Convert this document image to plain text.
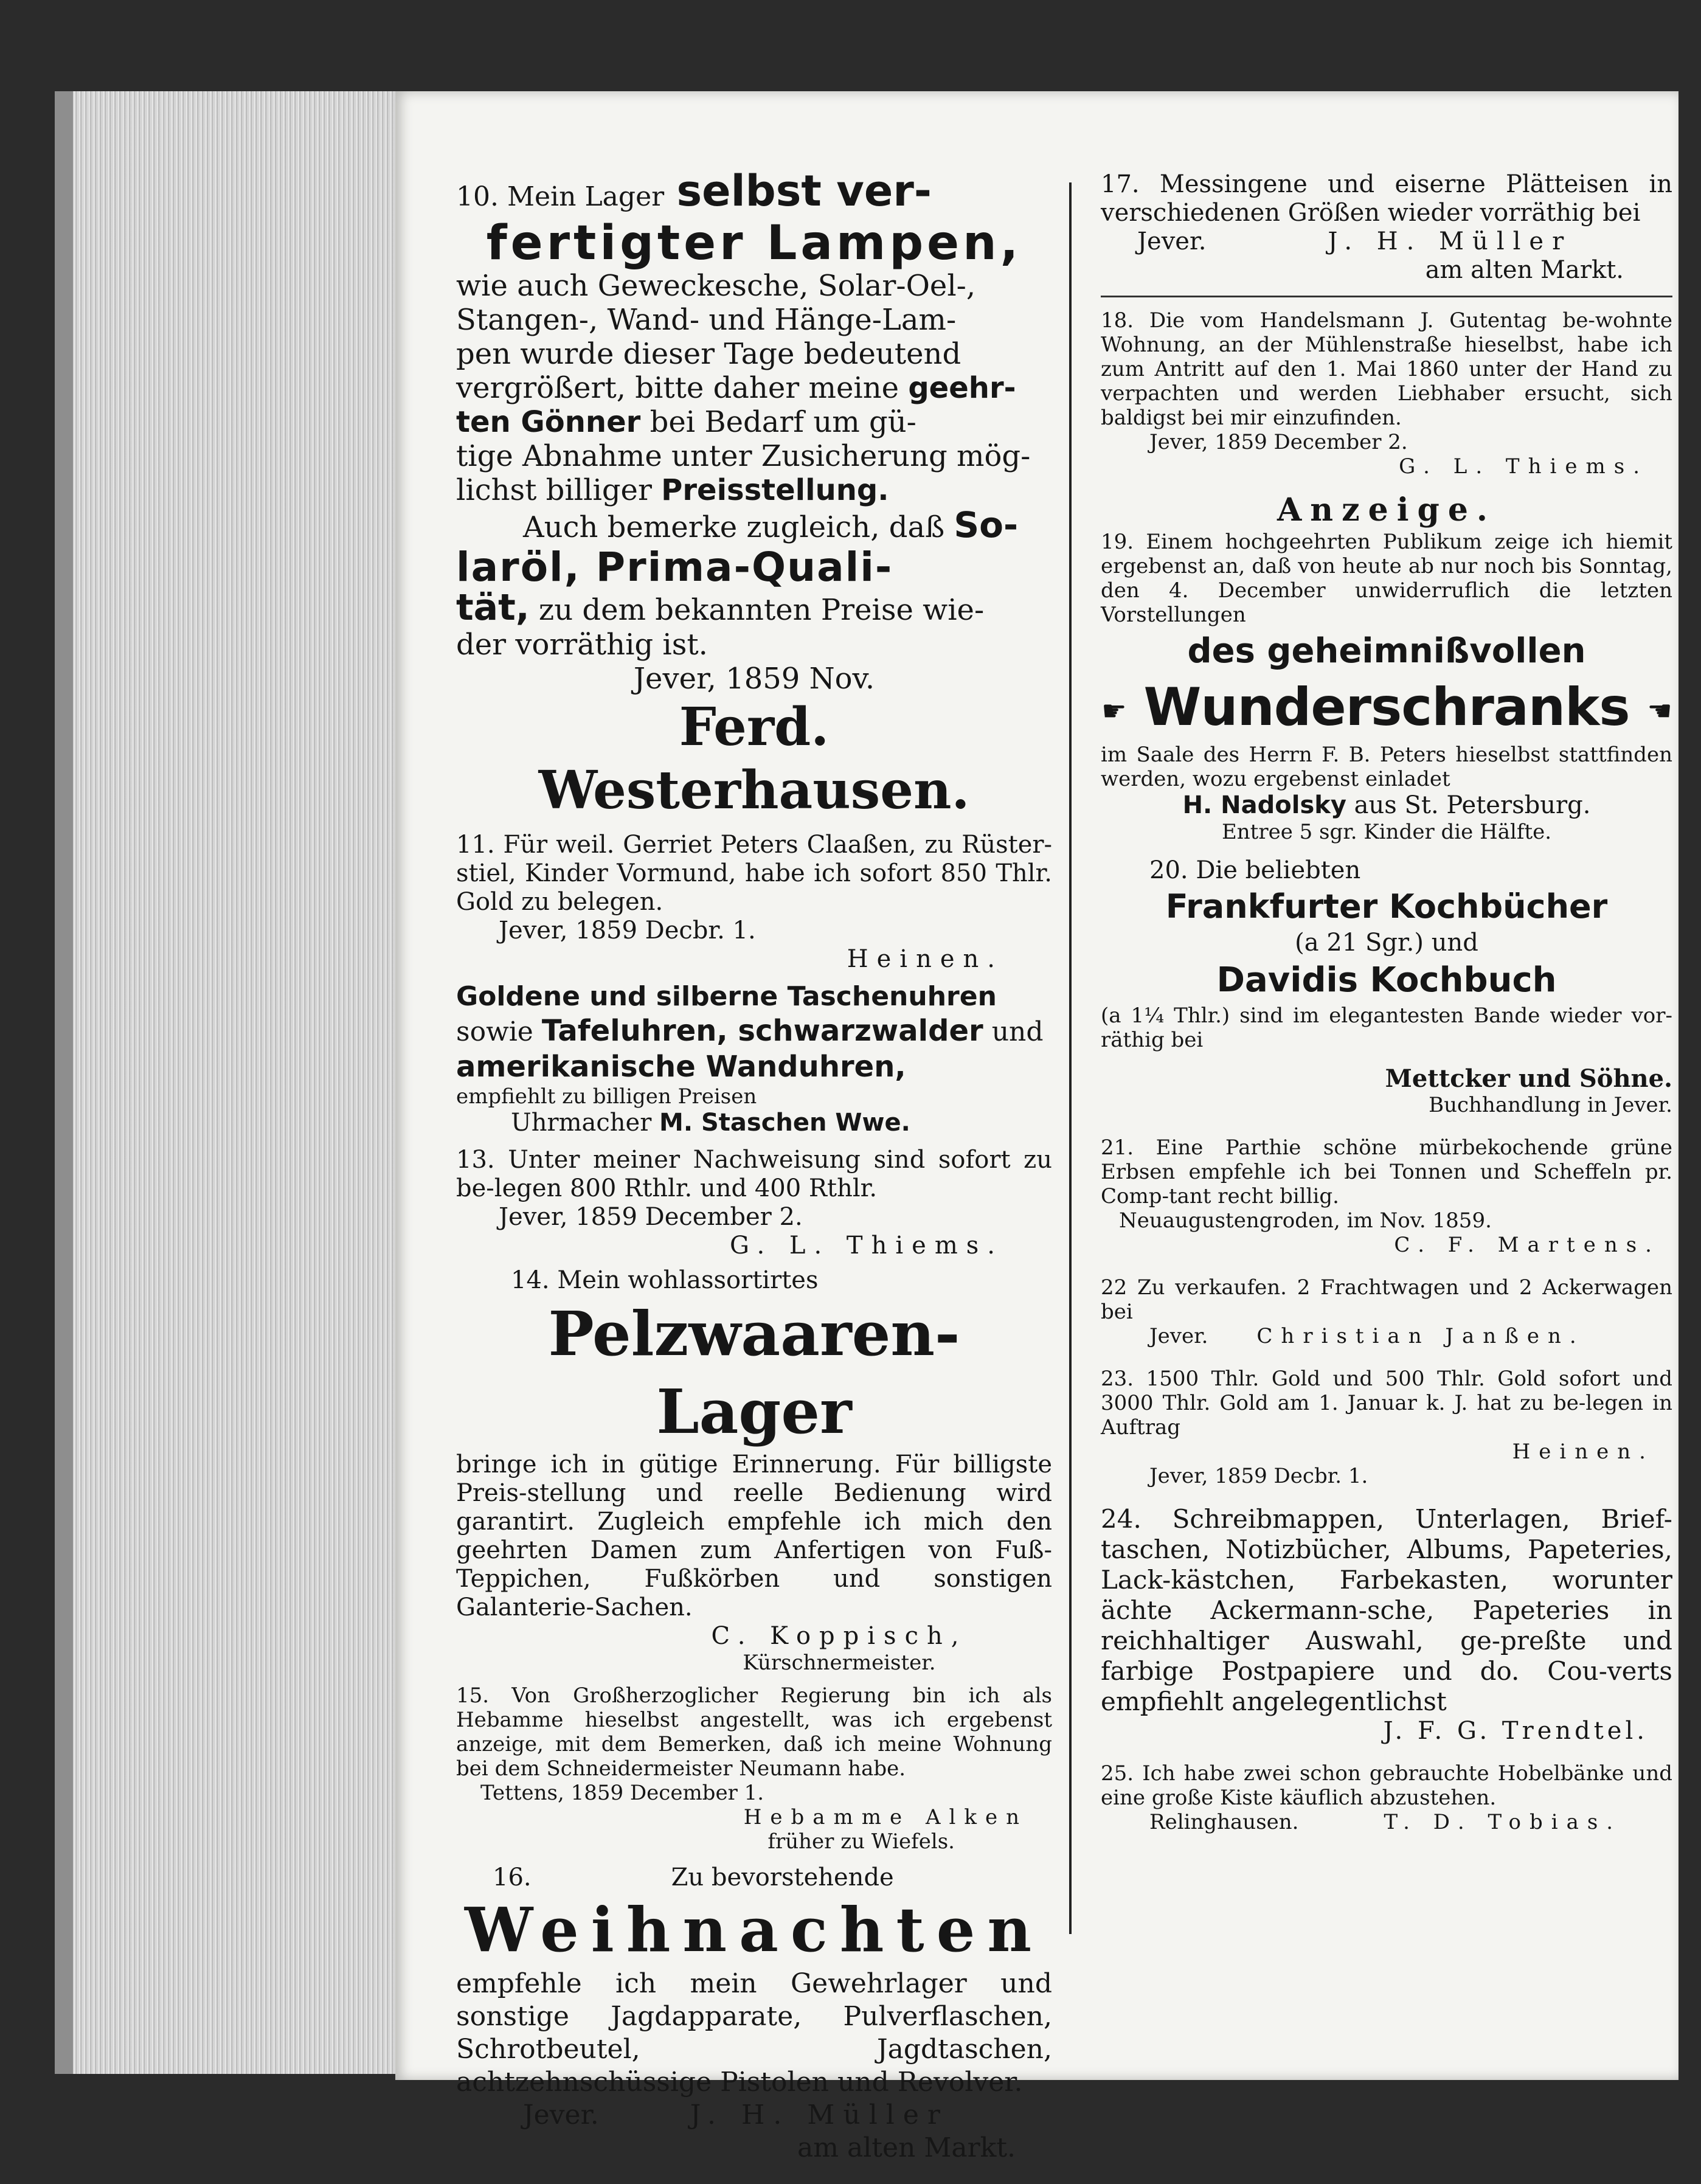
10. Mein Lager selbst ver-
fertigter Lampen,
wie auch Geweckesche, Solar-Oel-,
Stangen-, Wand- und Hänge-Lam-
pen wurde dieser Tage bedeutend
vergrößert, bitte daher meine geehr-
ten Gönner bei Bedarf um gü-
tige Abnahme unter Zusicherung mög-
lichst billiger Preisstellung.
Auch bemerke zugleich, daß So-
laröl, Prima-Quali-
tät, zu dem bekannten Preise wie-
der vorräthig ist.
Jever, 1859 Nov.
Ferd. Westerhausen.
11. Für weil. Gerriet Peters Claaßen, zu Rüster-stiel, Kinder Vormund, habe ich sofort 850 Thlr. Gold zu belegen.
Jever, 1859 Decbr. 1.
Heinen.
Goldene und silberne Taschenuhren
sowie Tafeluhren, schwarzwalder und
amerikanische Wanduhren,
empfiehlt zu billigen Preisen
Uhrmacher M. Staschen Wwe.
13. Unter meiner Nachweisung sind sofort zu be-legen 800 Rthlr. und 400 Rthlr.
Jever, 1859 December 2.
G. L. Thiems.
14. Mein wohlassortirtes
Pelzwaaren-Lager
bringe ich in gütige Erinnerung. Für billigste Preis-stellung und reelle Bedienung wird garantirt. Zugleich empfehle ich mich den geehrten Damen zum Anfertigen von Fuß-Teppichen, Fußkörben und sonstigen Galanterie-Sachen.
C. Koppisch,
Kürschnermeister.
15. Von Großherzoglicher Regierung bin ich als Hebamme hieselbst angestellt, was ich ergebenst anzeige, mit dem Bemerken, daß ich meine Wohnung bei dem Schneidermeister Neumann habe.
Tettens, 1859 December 1.
Hebamme Alken
früher zu Wiefels.
16.	Zu bevorstehende
Weihnachten
empfehle ich mein Gewehrlager und sonstige Jagdapparate, Pulverflaschen, Schrotbeutel, Jagdtaschen, achtzehnschüssige Pistolen und Revolver.
Jever.	J. H. Müller
am alten Markt.
17. Messingene und eiserne Plätteisen in verschiedenen Größen wieder vorräthig bei
Jever.	J. H. Müller
am alten Markt.
18. Die vom Handelsmann J. Gutentag be-wohnte Wohnung, an der Mühlenstraße hieselbst, habe ich zum Antritt auf den 1. Mai 1860 unter der Hand zu verpachten und werden Liebhaber ersucht, sich baldigst bei mir einzufinden.
Jever, 1859 December 2.
G. L. Thiems.
Anzeige.
19. Einem hochgeehrten Publikum zeige ich hiemit ergebenst an, daß von heute ab nur noch bis Sonntag, den 4. December unwiderruflich die letzten Vorstellungen
des geheimnißvollen
☛ Wunderschranks ☚
im Saale des Herrn F. B. Peters hieselbst stattfinden werden, wozu ergebenst einladet
H. Nadolsky aus St. Petersburg.
Entree 5 sgr. Kinder die Hälfte.
20. Die beliebten
Frankfurter Kochbücher
(a 21 Sgr.) und
Davidis Kochbuch
(a 1¼ Thlr.) sind im elegantesten Bande wieder vor-räthig bei
Mettcker und Söhne.
Buchhandlung in Jever.
21. Eine Parthie schöne mürbekochende grüne Erbsen empfehle ich bei Tonnen und Scheffeln pr. Comp-tant recht billig.
Neuaugustengroden, im Nov. 1859.
C. F. Martens.
22 Zu verkaufen. 2 Frachtwagen und 2 Ackerwagen bei
Jever. Christian Janßen.
23. 1500 Thlr. Gold und 500 Thlr. Gold sofort und 3000 Thlr. Gold am 1. Januar k. J. hat zu be-legen in Auftrag
Heinen.
Jever, 1859 Decbr. 1.
24. Schreibmappen, Unterlagen, Brief-taschen, Notizbücher, Albums, Papeteries, Lack-kästchen, Farbekasten, worunter ächte Ackermann-sche, Papeteries in reichhaltiger Auswahl, ge-preßte und farbige Postpapiere und do. Cou-verts empfiehlt angelegentlichst
J. F. G. Trendtel.
25. Ich habe zwei schon gebrauchte Hobelbänke und eine große Kiste käuflich abzustehen.
Relinghausen.	T. D. Tobias.
